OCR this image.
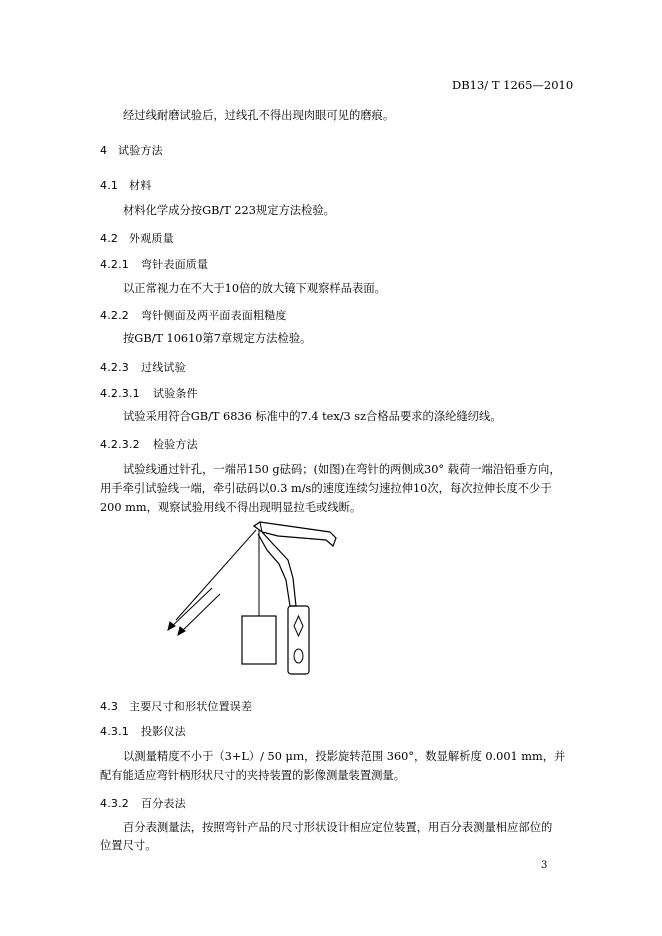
DB13/ T 1265—2010
经过线耐磨试验后，过线孔不得出现肉眼可见的磨痕。
4 试验方法
4.1 材料
材料化学成分按GB/T 223规定方法检验。
4.2 外观质量
4.2.1 弯针表面质量
以正常视力在不大于10倍的放大镜下观察样品表面。
4.2.2 弯针侧面及两平面表面粗糙度
按GB/T 10610第7章规定方法检验。
4.2.3 过线试验
4.2.3.1 试验条件
试验采用符合GB/T 6836 标准中的7.4 tex/3 sz合格品要求的涤纶缝纫线。
4.2.3.2 检验方法
试验线通过针孔，一端吊150 g砝码；(如图)在弯针的两侧成30° 载荷一端沿铅垂方向，
用手牵引试验线一端，牵引砝码以0.3 m/s的速度连续匀速拉伸10次，每次拉伸长度不少于
200 mm，观察试验用线不得出现明显拉毛或线断。
4.3 主要尺寸和形状位置误差
4.3.1 投影仪法
以测量精度不小于（3+L）/ 50 μｍ，投影旋转范围 360°，数显解析度 0.001 mm，并
配有能适应弯针柄形状尺寸的夹持装置的影像测量装置测量。
4.3.2 百分表法
百分表测量法，按照弯针产品的尺寸形状设计相应定位装置，用百分表测量相应部位的
位置尺寸。
3
